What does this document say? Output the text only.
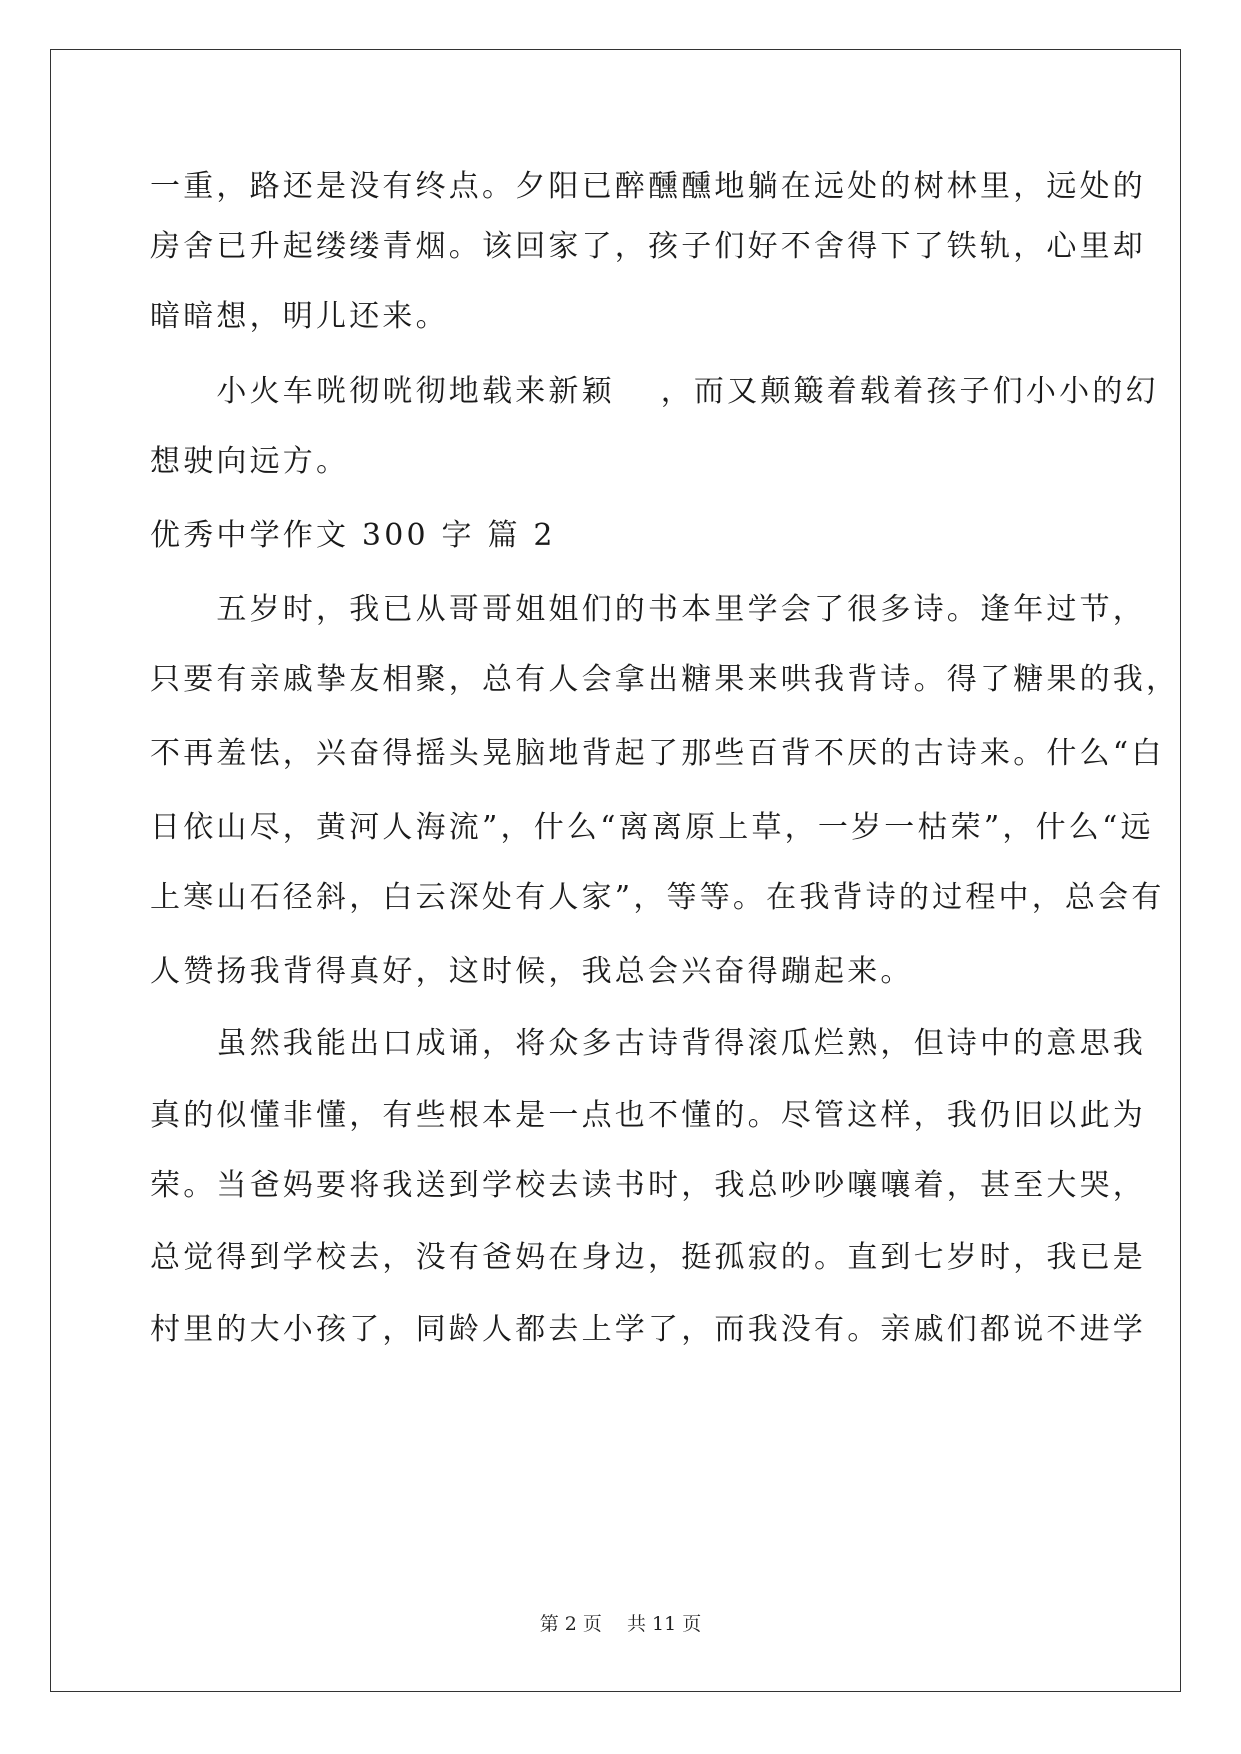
一重，路还是没有终点。夕阳已醉醺醺地躺在远处的树林里，远处的
房舍已升起缕缕青烟。该回家了，孩子们好不舍得下了铁轨，心里却
暗暗想，明儿还来。
　　小火车咣彻咣彻地载来新颖　 ，而又颠簸着载着孩子们小小的幻
想驶向远方。
优秀中学作文 300 字 篇 2
　　五岁时，我已从哥哥姐姐们的书本里学会了很多诗。逢年过节，
只要有亲戚挚友相聚，总有人会拿出糖果来哄我背诗。得了糖果的我，
不再羞怯，兴奋得摇头晃脑地背起了那些百背不厌的古诗来。什么“白
日依山尽，黄河人海流”，什么“离离原上草，一岁一枯荣”，什么“远
上寒山石径斜，白云深处有人家”，等等。在我背诗的过程中，总会有
人赞扬我背得真好，这时候，我总会兴奋得蹦起来。
　　虽然我能出口成诵，将众多古诗背得滚瓜烂熟，但诗中的意思我
真的似懂非懂，有些根本是一点也不懂的。尽管这样，我仍旧以此为
荣。当爸妈要将我送到学校去读书时，我总吵吵嚷嚷着，甚至大哭，
总觉得到学校去，没有爸妈在身边，挺孤寂的。直到七岁时，我已是
村里的大小孩了，同龄人都去上学了，而我没有。亲戚们都说不进学
第 2 页　 共 11 页
